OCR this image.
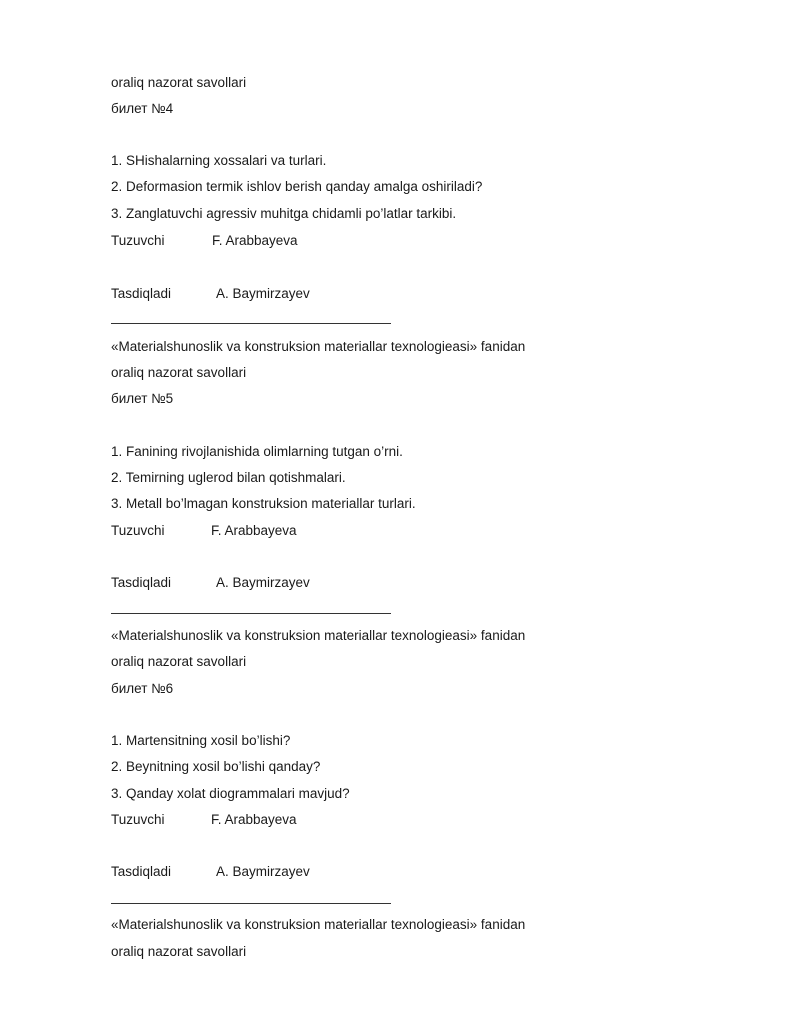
oraliq nazorat savollari
билет №4
1. SHishalarning xossalari va turlari.
2. Deformasion termik ishlov berish qanday amalga oshiriladi?
3. Zanglatuvchi agressiv muhitga chidamli po’latlar tarkibi.
Tuzuvchi	F. Arabbayeva
Tasdiqladi	A. Baymirzayev
«Materialshunoslik va konstruksion materiallar texnologieasi» fanidan
oraliq nazorat savollari
билет №5
1. Fanining rivojlanishida olimlarning tutgan o’rni.
2. Temirning uglerod bilan qotishmalari.
3. Metall bo’lmagan konstruksion materiallar turlari.
Tuzuvchi	F. Arabbayeva
Tasdiqladi	A. Baymirzayev
«Materialshunoslik va konstruksion materiallar texnologieasi» fanidan
oraliq nazorat savollari
билет №6
1. Martensitning xosil bo’lishi?
2. Beynitning xosil bo’lishi qanday?
3. Qanday xolat diogrammalari mavjud?
Tuzuvchi	F. Arabbayeva
Tasdiqladi	A. Baymirzayev
«Materialshunoslik va konstruksion materiallar texnologieasi» fanidan
oraliq nazorat savollari
